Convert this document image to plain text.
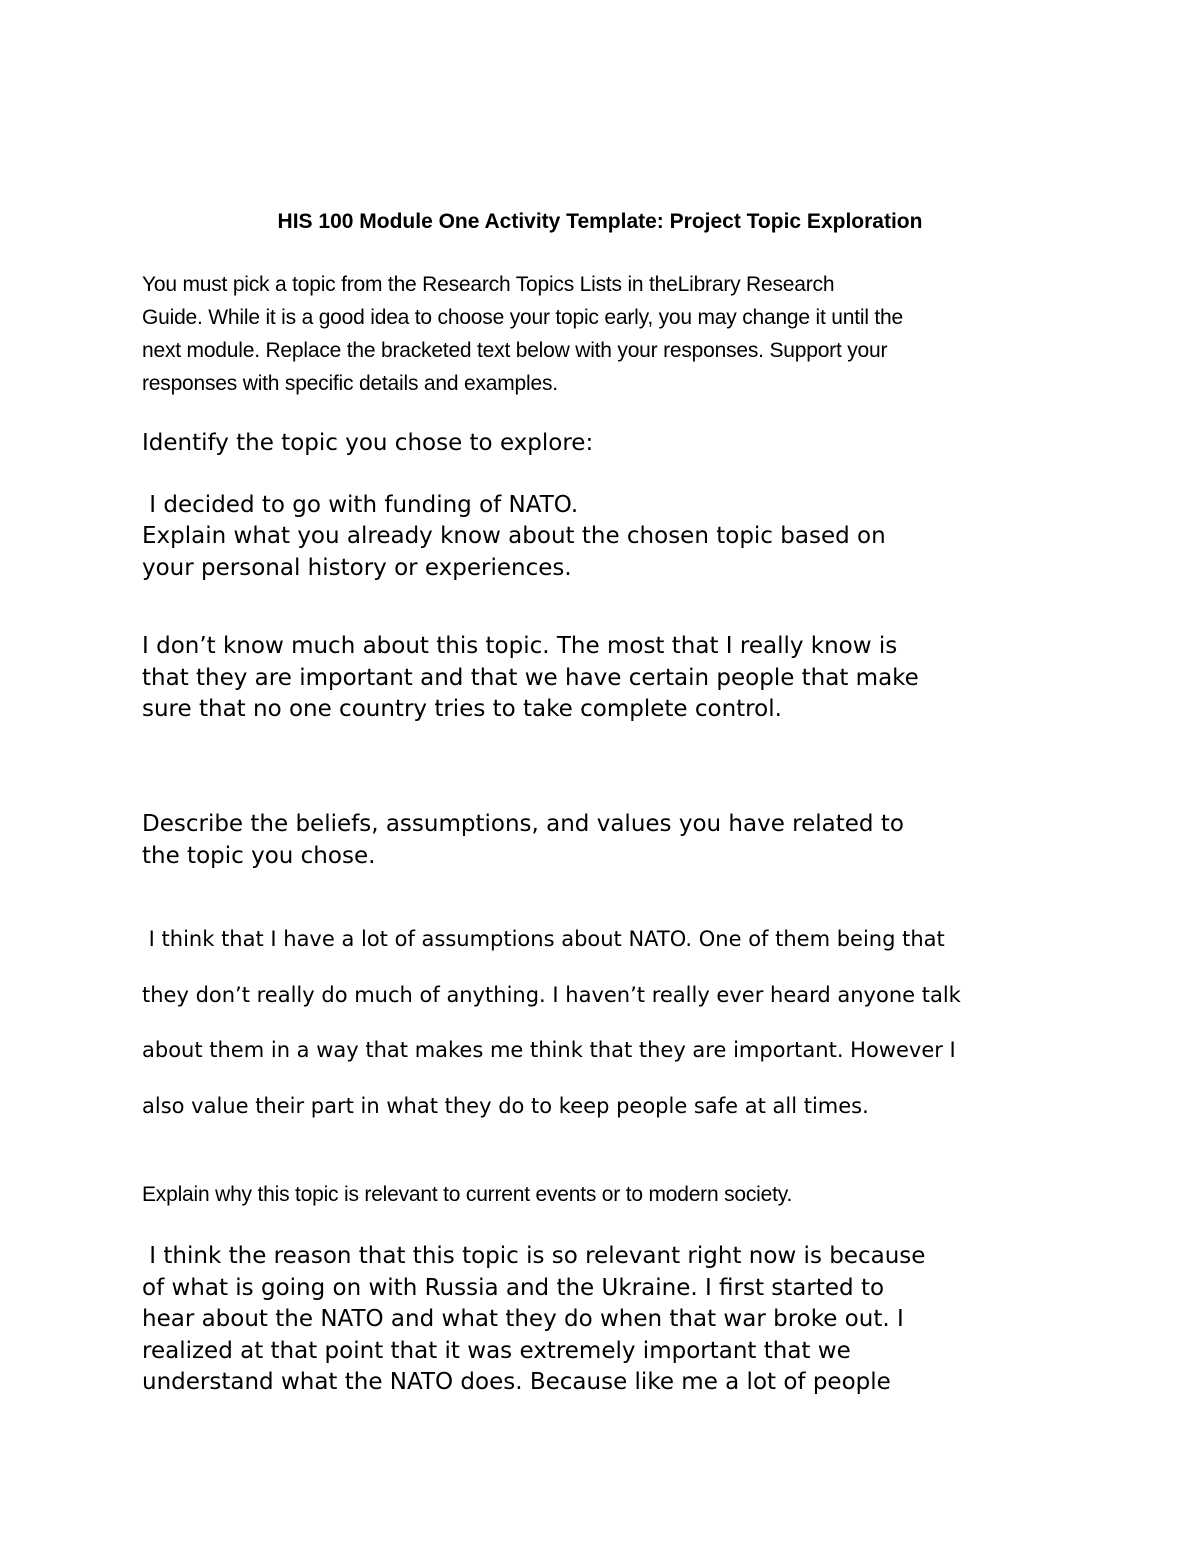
HIS 100 Module One Activity Template: Project Topic Exploration
You must pick a topic from the Research Topics Lists in theLibrary Research
Guide. While it is a good idea to choose your topic early, you may change it until the
next module. Replace the bracketed text below with your responses. Support your
responses with specific details and examples.
Identify the topic you chose to explore:
I decided to go with funding of NATO.
Explain what you already know about the chosen topic based on
your personal history or experiences.
I don’t know much about this topic. The most that I really know is
that they are important and that we have certain people that make
sure that no one country tries to take complete control.
Describe the beliefs, assumptions, and values you have related to
the topic you chose.
I think that I have a lot of assumptions about NATO. One of them being that
they don’t really do much of anything. I haven’t really ever heard anyone talk
about them in a way that makes me think that they are important. However I
also value their part in what they do to keep people safe at all times.
Explain why this topic is relevant to current events or to modern society.
I think the reason that this topic is so relevant right now is because
of what is going on with Russia and the Ukraine. I first started to
hear about the NATO and what they do when that war broke out. I
realized at that point that it was extremely important that we
understand what the NATO does. Because like me a lot of people
